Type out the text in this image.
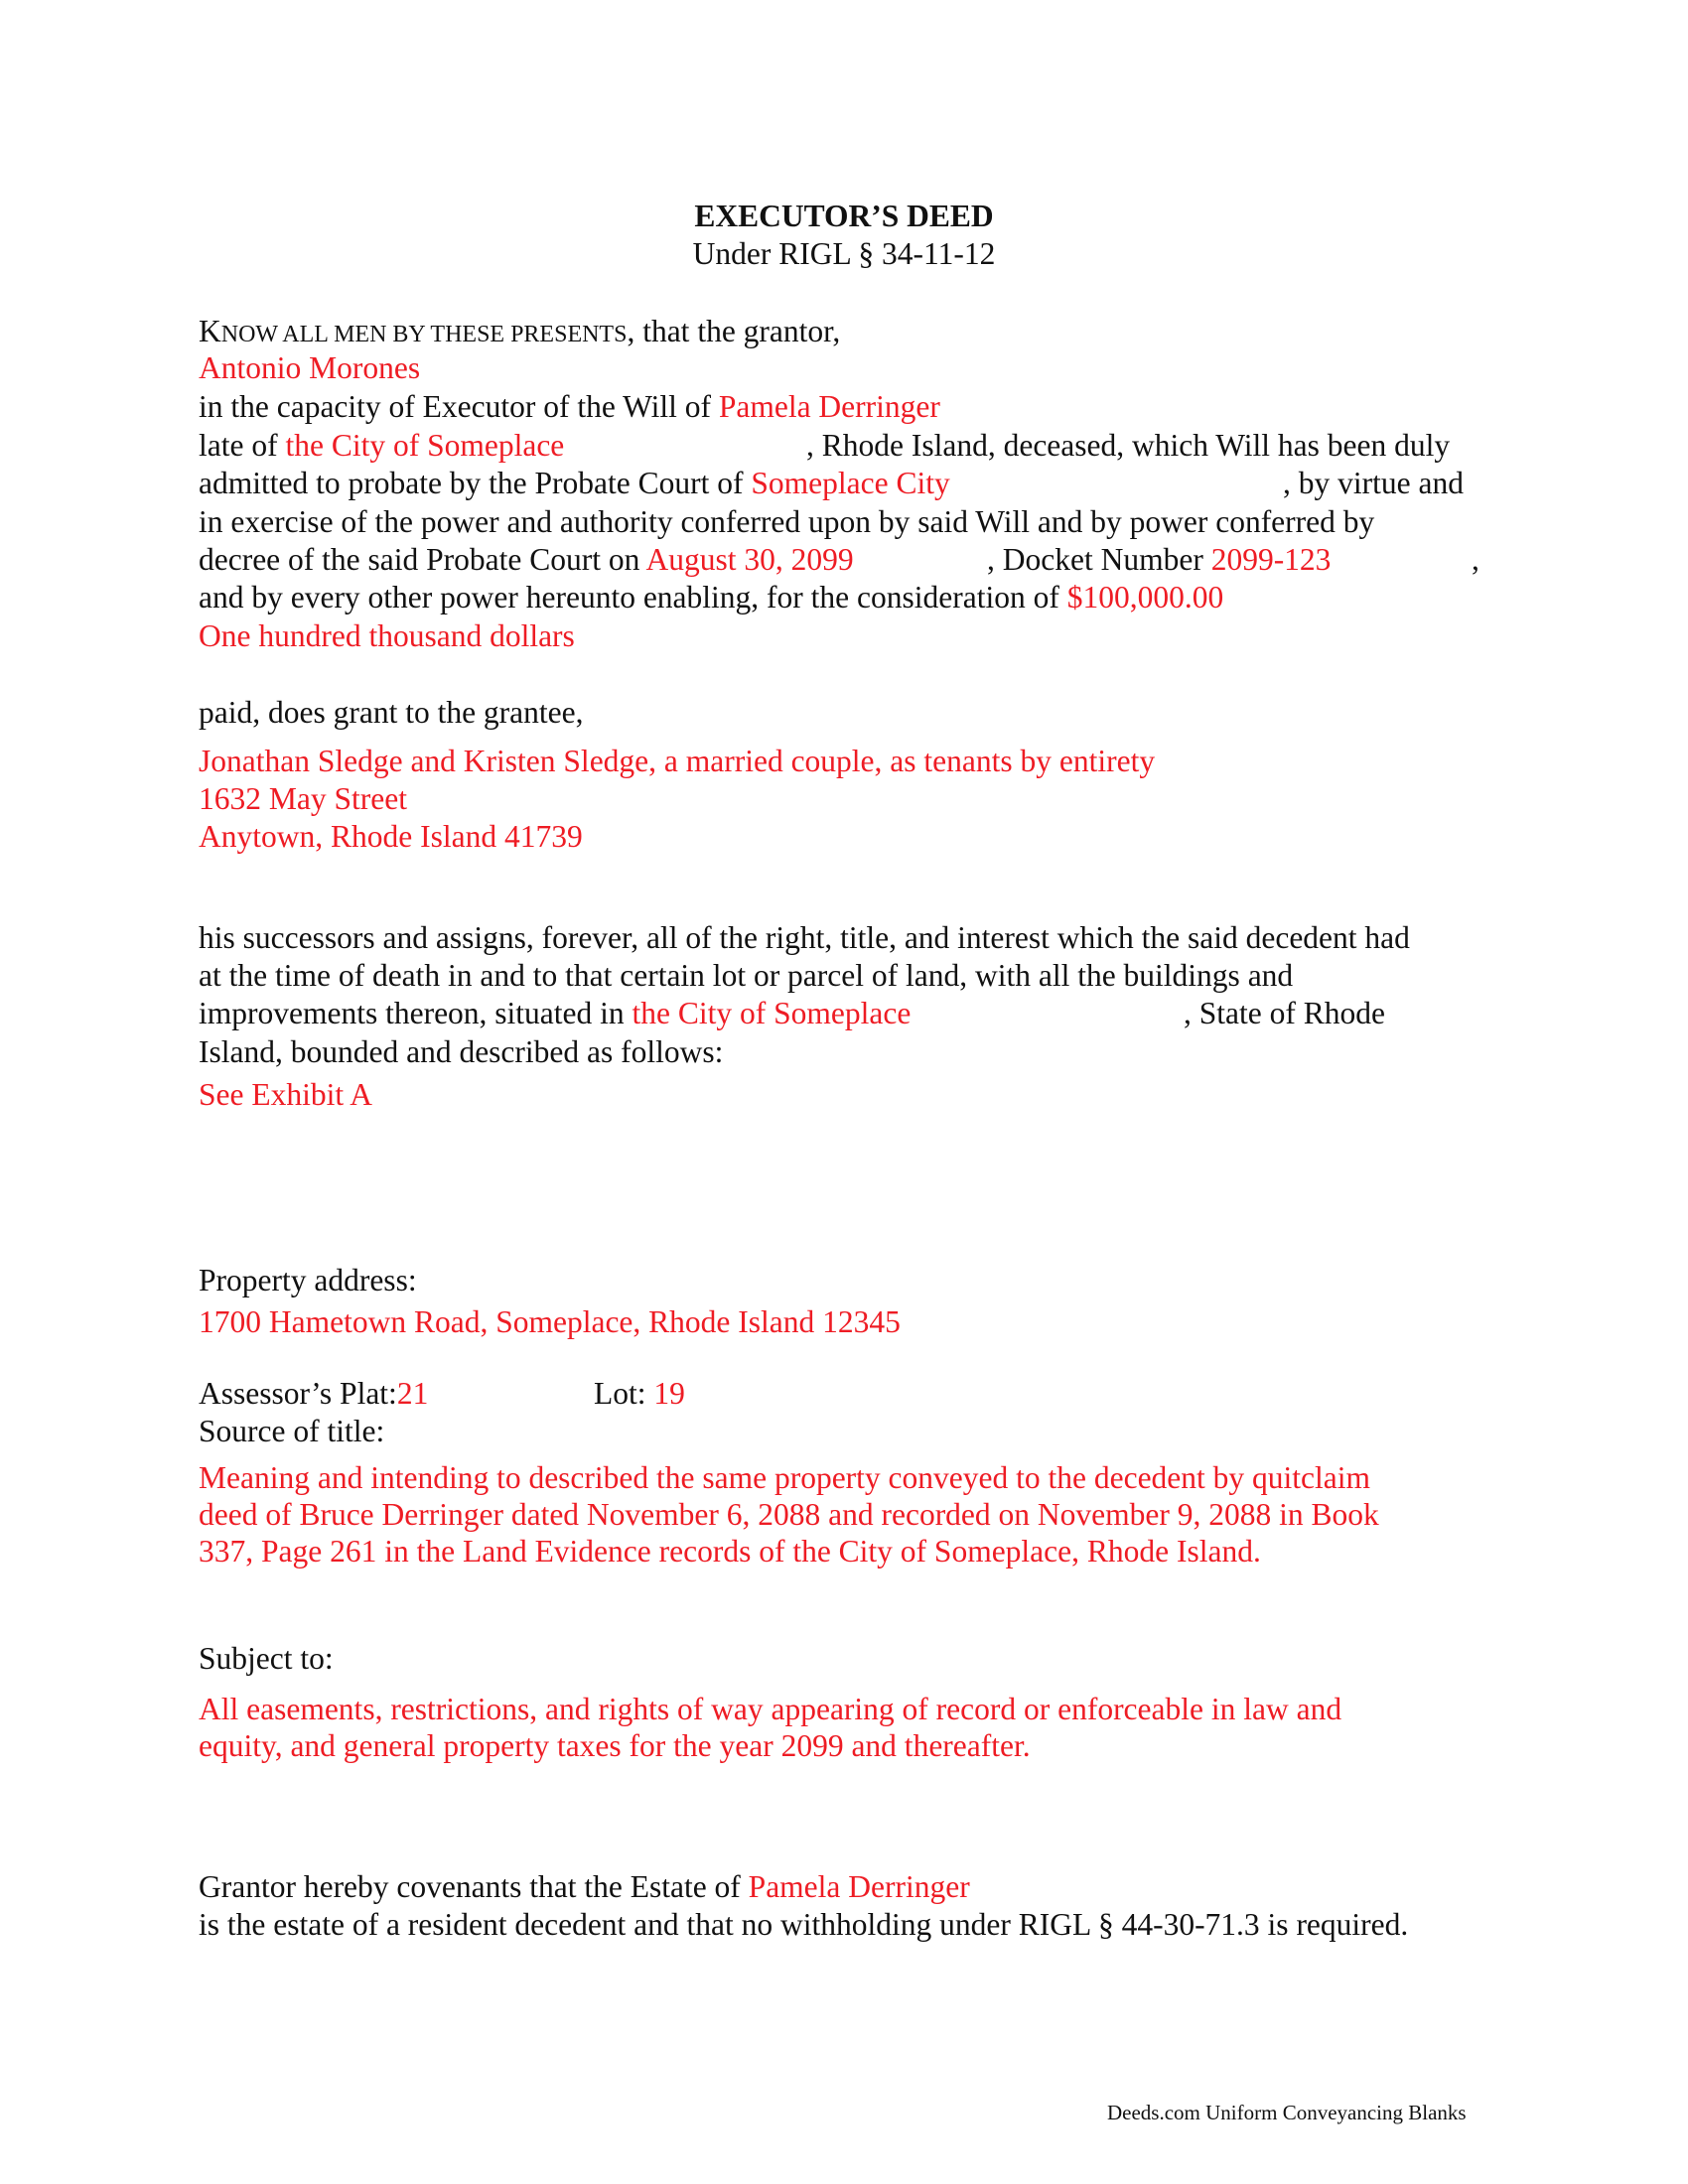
EXECUTOR’S DEED
Under RIGL § 34-11-12
KNOW ALL MEN BY THESE PRESENTS, that the grantor,
Antonio Morones
in the capacity of Executor of the Will of Pamela Derringer
late of the City of Someplace	, Rhode Island, deceased, which Will has been duly
admitted to probate by the Probate Court of Someplace City	, by virtue and
in exercise of the power and authority conferred upon by said Will and by power conferred by
decree of the said Probate Court on August 30, 2099	, Docket Number 2099-123	,
and by every other power hereunto enabling, for the consideration of $100,000.00
One hundred thousand dollars
paid, does grant to the grantee,
Jonathan Sledge and Kristen Sledge, a married couple, as tenants by entirety
1632 May Street
Anytown, Rhode Island 41739
his successors and assigns, forever, all of the right, title, and interest which the said decedent had
at the time of death in and to that certain lot or parcel of land, with all the buildings and
improvements thereon, situated in the City of Someplace	, State of Rhode
Island, bounded and described as follows:
See Exhibit A
Property address:
1700 Hametown Road, Someplace, Rhode Island 12345
Assessor’s Plat:21	Lot: 19
Source of title:
Meaning and intending to described the same property conveyed to the decedent by quitclaim
deed of Bruce Derringer dated November 6, 2088 and recorded on November 9, 2088 in Book
337, Page 261 in the Land Evidence records of the City of Someplace, Rhode Island.
Subject to:
All easements, restrictions, and rights of way appearing of record or enforceable in law and
equity, and general property taxes for the year 2099 and thereafter.
Grantor hereby covenants that the Estate of Pamela Derringer
is the estate of a resident decedent and that no withholding under RIGL § 44-30-71.3 is required.
Deeds.com Uniform Conveyancing Blanks
